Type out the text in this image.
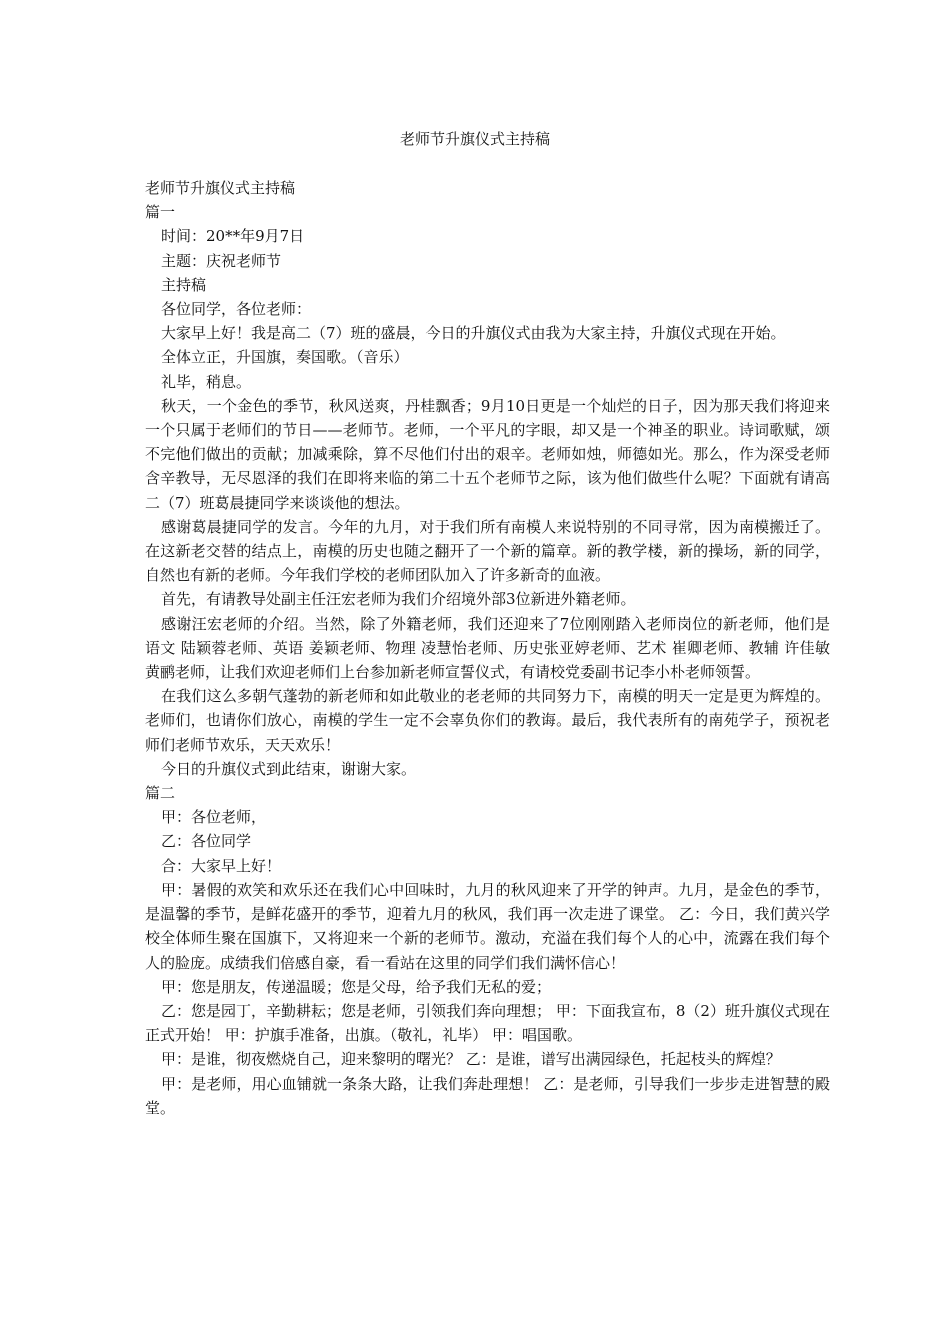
老师节升旗仪式主持稿

老师节升旗仪式主持稿

篇一

时间：20**年9月7日

主题：庆祝老师节

主持稿

各位同学，各位老师：

大家早上好！我是高二（7）班的盛晨，今日的升旗仪式由我为大家主持，升旗仪式现在开始。

全体立正，升国旗，奏国歌。（音乐）

礼毕，稍息。

秋天，一个金色的季节，秋风送爽，丹桂飘香；9月10日更是一个灿烂的日子，因为那天我们将迎来一个只属于老师们的节日——老师节。老师，一个平凡的字眼，却又是一个神圣的职业。诗词歌赋，颂不完他们做出的贡献；加减乘除，算不尽他们付出的艰辛。老师如烛，师德如光。那么，作为深受老师含辛教导，无尽恩泽的我们在即将来临的第二十五个老师节之际，该为他们做些什么呢？下面就有请高二（7）班葛晨捷同学来谈谈他的想法。

感谢葛晨捷同学的发言。今年的九月，对于我们所有南模人来说特别的不同寻常，因为南模搬迁了。在这新老交替的结点上，南模的历史也随之翻开了一个新的篇章。新的教学楼，新的操场，新的同学，自然也有新的老师。今年我们学校的老师团队加入了许多新奇的血液。

首先，有请教导处副主任汪宏老师为我们介绍境外部3位新进外籍老师。

感谢汪宏老师的介绍。当然，除了外籍老师，我们还迎来了7位刚刚踏入老师岗位的新老师，他们是语文 陆颖蓉老师、英语 姜颖老师、物理 凌慧怡老师、历史张亚婷老师、艺术 崔卿老师、教辅 许佳敏 黄鹂老师，让我们欢迎老师们上台参加新老师宣誓仪式，有请校党委副书记李小朴老师领誓。

在我们这么多朝气蓬勃的新老师和如此敬业的老老师的共同努力下，南模的明天一定是更为辉煌的。老师们，也请你们放心，南模的学生一定不会辜负你们的教诲。最后，我代表所有的南苑学子，预祝老师们老师节欢乐，天天欢乐！

今日的升旗仪式到此结束，谢谢大家。

篇二

甲：各位老师，

乙：各位同学

合：大家早上好！

甲：暑假的欢笑和欢乐还在我们心中回味时，九月的秋风迎来了开学的钟声。九月，是金色的季节，是温馨的季节，是鲜花盛开的季节，迎着九月的秋风，我们再一次走进了课堂。 乙：今日，我们黄兴学校全体师生聚在国旗下，又将迎来一个新的老师节。激动，充溢在我们每个人的心中，流露在我们每个人的脸庞。成绩我们倍感自豪，看一看站在这里的同学们我们满怀信心！

甲：您是朋友，传递温暖；您是父母，给予我们无私的爱；

乙：您是园丁，辛勤耕耘；您是老师，引领我们奔向理想； 甲：下面我宣布，8（2）班升旗仪式现在正式开始！ 甲：护旗手准备，出旗。（敬礼，礼毕） 甲：唱国歌。

甲：是谁，彻夜燃烧自己，迎来黎明的曙光？ 乙：是谁，谱写出满园绿色，托起枝头的辉煌？

甲：是老师，用心血铺就一条条大路，让我们奔赴理想！ 乙：是老师，引导我们一步步走进智慧的殿堂。
